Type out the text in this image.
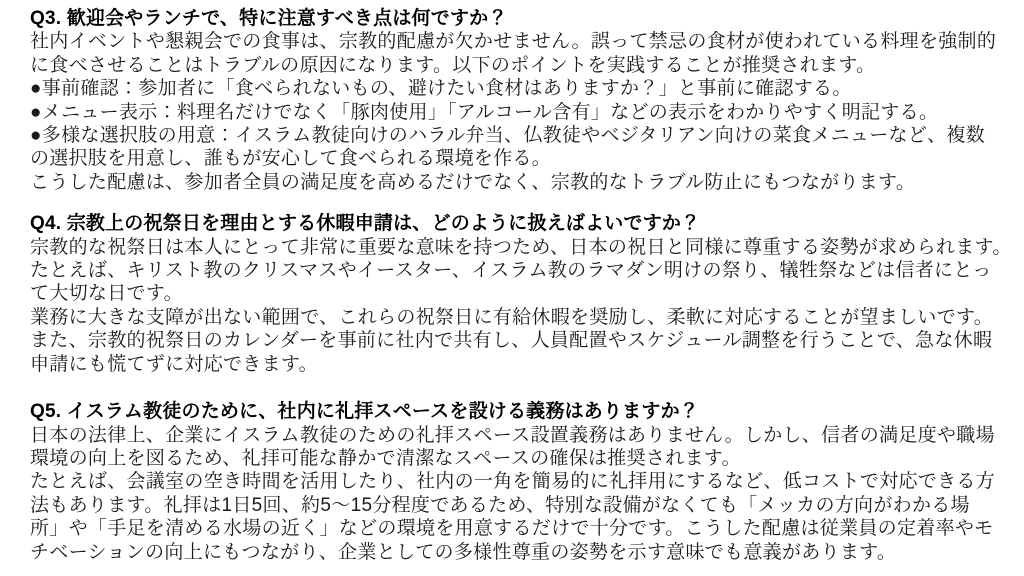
Q3. 歓迎会やランチで、特に注意すべき点は何ですか？

社内イベントや懇親会での食事は、宗教的配慮が欠かせません。誤って禁忌の食材が使われている料理を強制的

に食べさせることはトラブルの原因になります。以下のポイントを実践することが推奨されます。

●事前確認：参加者に「食べられないもの、避けたい食材はありますか？」と事前に確認する。

●メニュー表示：料理名だけでなく「豚肉使用」「アルコール含有」などの表示をわかりやすく明記する。

●多様な選択肢の用意：イスラム教徒向けのハラル弁当、仏教徒やベジタリアン向けの菜食メニューなど、複数

の選択肢を用意し、誰もが安心して食べられる環境を作る。

こうした配慮は、参加者全員の満足度を高めるだけでなく、宗教的なトラブル防止にもつながります。

Q4. 宗教上の祝祭日を理由とする休暇申請は、どのように扱えばよいですか？

宗教的な祝祭日は本人にとって非常に重要な意味を持つため、日本の祝日と同様に尊重する姿勢が求められます。

たとえば、キリスト教のクリスマスやイースター、イスラム教のラマダン明けの祭り、犠牲祭などは信者にとっ

て大切な日です。

業務に大きな支障が出ない範囲で、これらの祝祭日に有給休暇を奨励し、柔軟に対応することが望ましいです。

また、宗教的祝祭日のカレンダーを事前に社内で共有し、人員配置やスケジュール調整を行うことで、急な休暇

申請にも慌てずに対応できます。

Q5. イスラム教徒のために、社内に礼拝スペースを設ける義務はありますか？

日本の法律上、企業にイスラム教徒のための礼拝スペース設置義務はありません。しかし、信者の満足度や職場

環境の向上を図るため、礼拝可能な静かで清潔なスペースの確保は推奨されます。

たとえば、会議室の空き時間を活用したり、社内の一角を簡易的に礼拝用にするなど、低コストで対応できる方

法もあります。礼拝は1日5回、約5～15分程度であるため、特別な設備がなくても「メッカの方向がわかる場

所」や「手足を清める水場の近く」などの環境を用意するだけで十分です。こうした配慮は従業員の定着率やモ

チベーションの向上にもつながり、企業としての多様性尊重の姿勢を示す意味でも意義があります。
